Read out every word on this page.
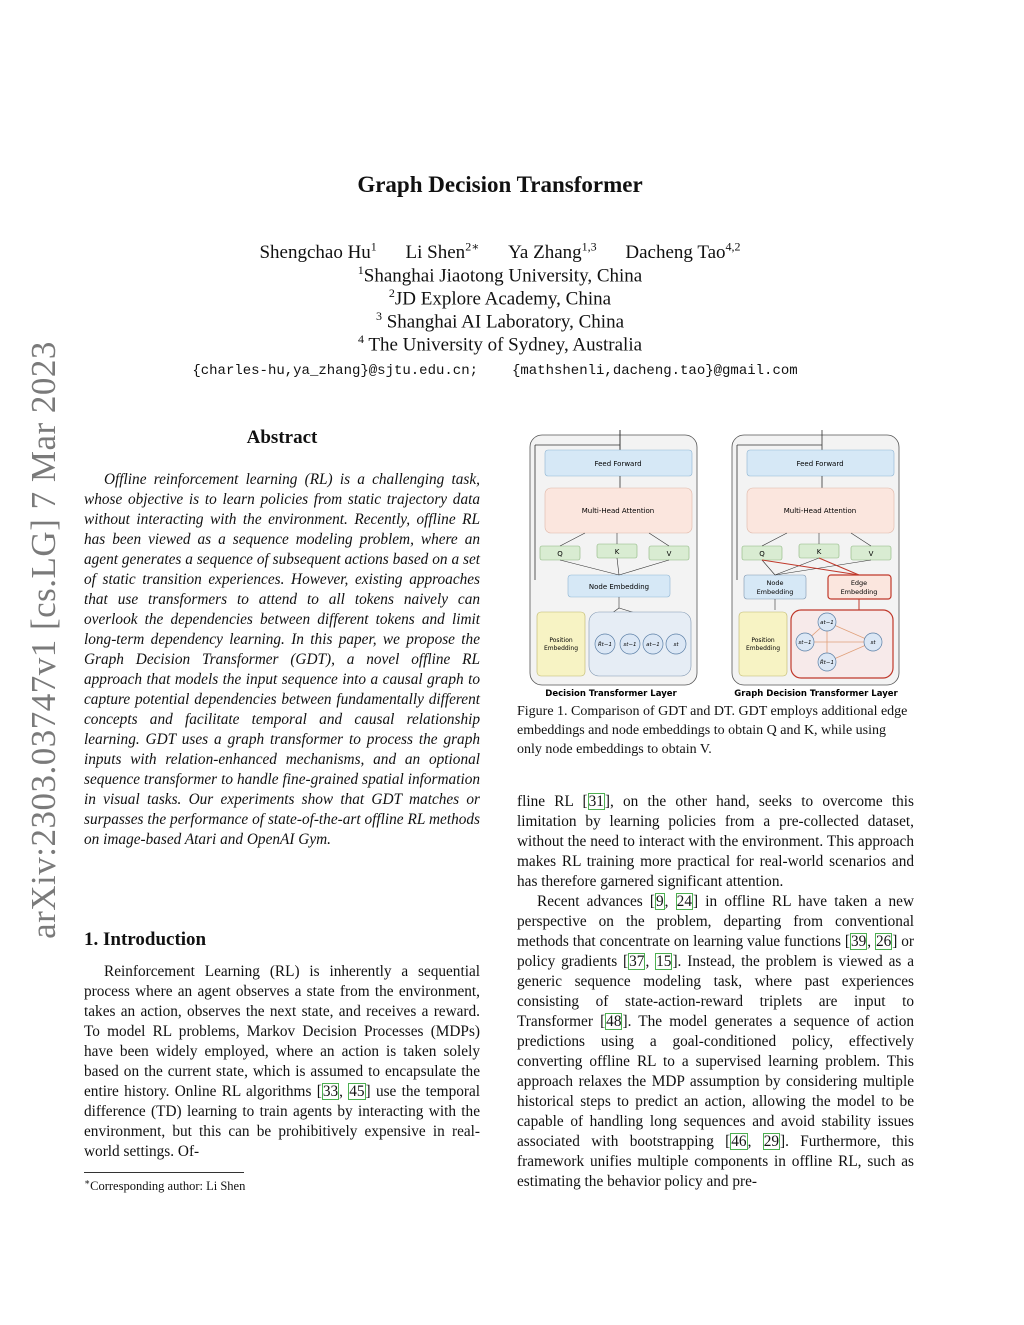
arXiv:2303.03747v1 [cs.LG] 7 Mar 2023
Graph Decision Transformer
Shengchao Hu$^1$ Li Shen$^{2∗}$ Ya Zhang$^{1,3}$ Dacheng Tao$^{4,2}$
$^1$Shanghai Jiaotong University, China
$^2$JD Explore Academy, China
$^3$ Shanghai AI Laboratory, China
$^4$ The University of Sydney, Australia
{charles-hu,ya_zhang}@sjtu.edu.cn; {mathshenli,dacheng.tao}@gmail.com
Abstract

Offline reinforcement learning (RL) is a challenging task, whose objective is to learn policies from static trajectory data without interacting with the environment. Recently, offline RL has been viewed as a sequence modeling problem, where an agent generates a sequence of subsequent actions based on a set of static transition experiences. However, existing approaches that use transformers to attend to all tokens naively can overlook the dependencies between different tokens and limit long-term dependency learning. In this paper, we propose the Graph Decision Transformer (GDT), a novel offline RL approach that models the input sequence into a causal graph to capture potential dependencies between fundamentally different concepts and facilitate temporal and causal relationship learning. GDT uses a graph transformer to process the graph inputs with relation-enhanced mechanisms, and an optional sequence transformer to handle fine-grained spatial information in visual tasks. Our experiments show that GDT matches or surpasses the performance of state-of-the-art offline RL methods on image-based Atari and OpenAI Gym.

1. Introduction

Reinforcement Learning (RL) is inherently a sequential process where an agent observes a state from the environment, takes an action, observes the next state, and receives a reward. To model RL problems, Markov Decision Processes (MDPs) have been widely employed, where an action is taken solely based on the current state, which is assumed to encapsulate the entire history. Online RL algorithms [33, 45] use the temporal difference (TD) learning to train agents by interacting with the environment, but this can be prohibitively expensive in real-world settings. Of-

∗Corresponding author: Li Shen
Feed Forward
Multi-Head Attention
Q	K	V
Node Embedding
Position
Embedding	R̂t−1 st−1 at−1 st
Decision Transformer Layer
Feed Forward
Multi-Head Attention
Q	K	V
Node
Embedding
Edge
Embedding
Position
Embedding
at−1
st−1	st
R̂t−1
Graph Decision Transformer Layer
Figure 1. Comparison of GDT and DT. GDT employs additional edge embeddings and node embeddings to obtain Q and K, while using only node embeddings to obtain V.

fline RL [31], on the other hand, seeks to overcome this limitation by learning policies from a pre-collected dataset, without the need to interact with the environment. This approach makes RL training more practical for real-world scenarios and has therefore garnered significant attention.

Recent advances [9, 24] in offline RL have taken a new perspective on the problem, departing from conventional methods that concentrate on learning value functions [39, 26] or policy gradients [37, 15]. Instead, the problem is viewed as a generic sequence modeling task, where past experiences consisting of state-action-reward triplets are input to Transformer [48]. The model generates a sequence of action predictions using a goal-conditioned policy, effectively converting offline RL to a supervised learning problem. This approach relaxes the MDP assumption by considering multiple historical steps to predict an action, allowing the model to be capable of handling long sequences and avoid stability issues associated with bootstrapping [46, 29]. Furthermore, this framework unifies multiple components in offline RL, such as estimating the behavior policy and pre-
